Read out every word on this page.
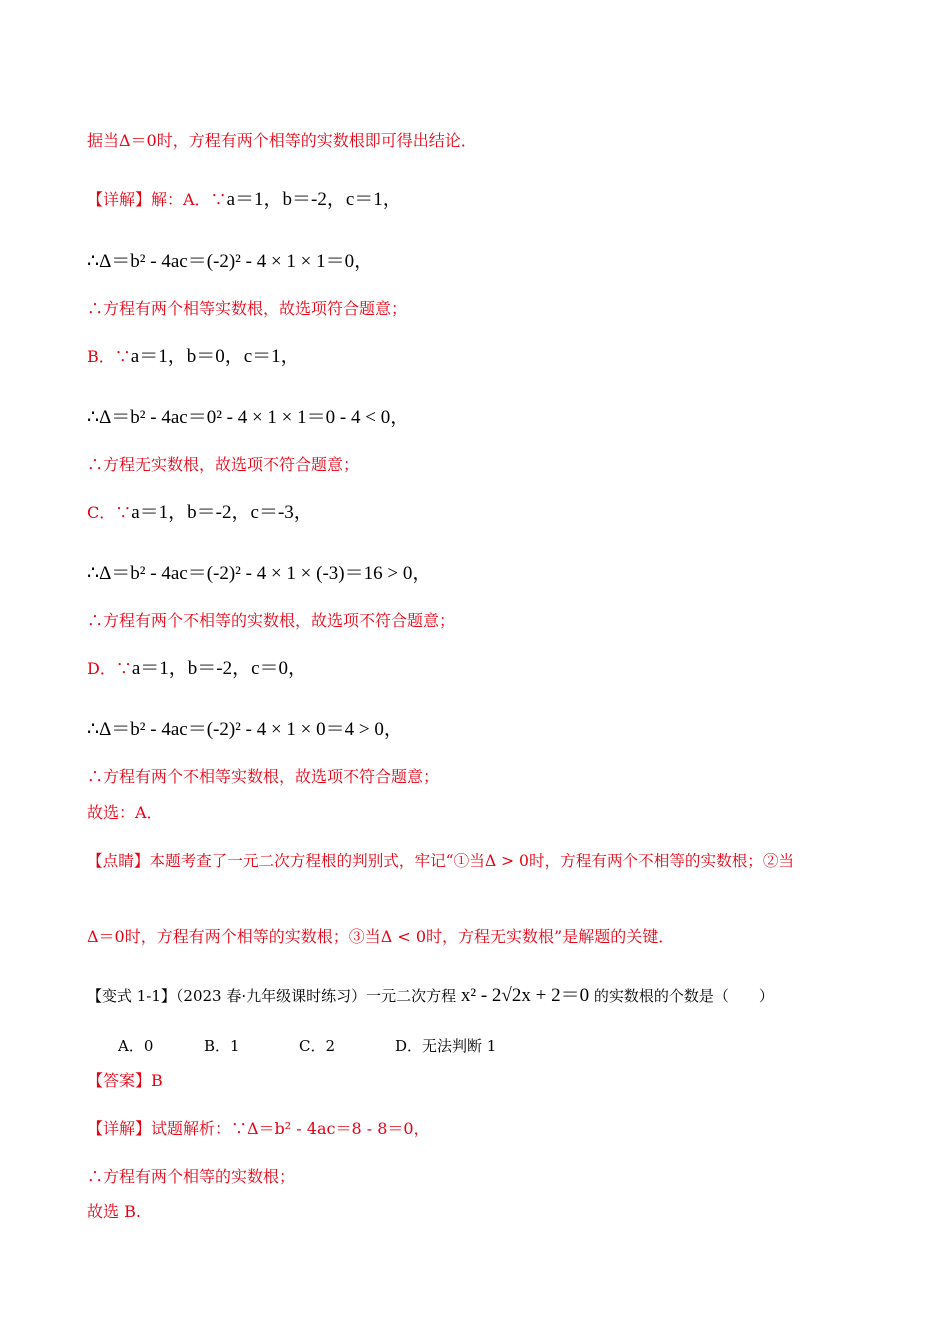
据当Δ＝0时，方程有两个相等的实数根即可得出结论．
【详解】解：A．∵a＝1，b＝-2，c＝1，
∴Δ＝b² - 4ac＝(-2)² - 4 × 1 × 1＝0，
∴方程有两个相等实数根，故选项符合题意；
B．∵a＝1，b＝0，c＝1，
∴Δ＝b² - 4ac＝0² - 4 × 1 × 1＝0 - 4 < 0，
∴方程无实数根，故选项不符合题意；
C．∵a＝1，b＝-2，c＝-3，
∴Δ＝b² - 4ac＝(-2)² - 4 × 1 × (-3)＝16 > 0，
∴方程有两个不相等的实数根，故选项不符合题意；
D．∵a＝1，b＝-2，c＝0，
∴Δ＝b² - 4ac＝(-2)² - 4 × 1 × 0＝4 > 0，
∴方程有两个不相等实数根，故选项不符合题意；
故选：A．
【点睛】本题考查了一元二次方程根的判别式，牢记“①当Δ > 0时，方程有两个不相等的实数根；②当
Δ＝0时，方程有两个相等的实数根；③当Δ < 0时，方程无实数根”是解题的关键．
【变式 1-1】（2023 春·九年级课时练习）一元二次方程 x² - 2√2x + 2＝0 的实数根的个数是（　　）
A．0	B．1	C．2	D．无法判断 1
【答案】B
【详解】试题解析：∵Δ＝b² - 4ac＝8 - 8＝0，
∴方程有两个相等的实数根；
故选 B.
